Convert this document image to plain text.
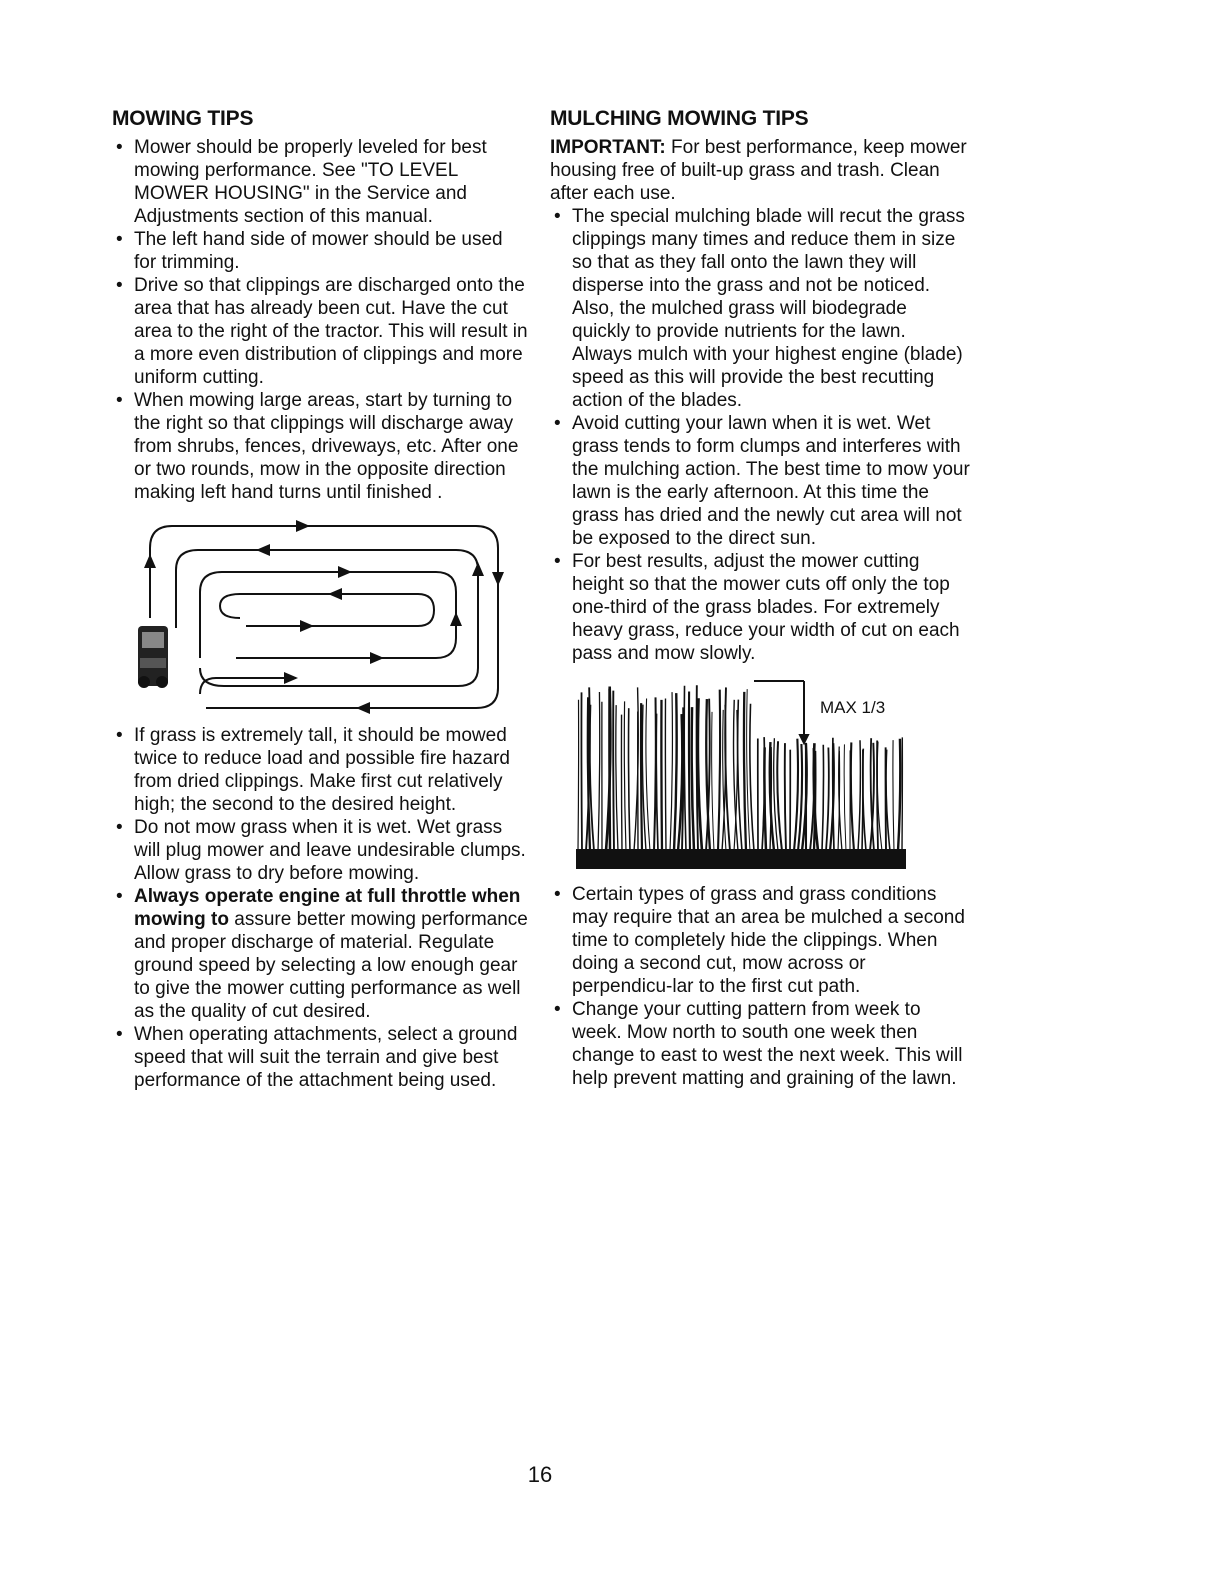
MOWING TIPS
• Mower should be properly leveled for best mowing performance. See "TO LEVEL MOWER HOUSING" in the Service and Adjustments section of this manual.
• The left hand side of mower should be used for trimming.
• Drive so that clippings are discharged onto the area that has already been cut. Have the cut area to the right of the tractor. This will result in a more even distribution of clippings and more uniform cutting.
• When mowing large areas, start by turning to the right so that clippings will discharge away from shrubs, fences, driveways, etc. After one or two rounds, mow in the opposite direction making left hand turns until finished .
• If grass is extremely tall, it should be mowed twice to reduce load and possible fire hazard from dried clippings. Make first cut relatively high; the second to the desired height.
• Do not mow grass when it is wet. Wet grass will plug mower and leave undesirable clumps. Allow grass to dry before mowing.
• Always operate engine at full throttle when mowing to assure better mowing performance and proper discharge of material. Regulate ground speed by selecting a low enough gear to give the mower cutting performance as well as the quality of cut desired.
• When operating attachments, select a ground speed that will suit the terrain and give best performance of the attachment being used.
MULCHING MOWING TIPS

IMPORTANT: For best performance, keep mower housing free of built-up grass and trash. Clean after each use.

• The special mulching blade will recut the grass clippings many times and reduce them in size so that as they fall onto the lawn they will disperse into the grass and not be noticed. Also, the mulched grass will biodegrade quickly to provide nutrients for the lawn. Always mulch with your highest engine (blade) speed as this will provide the best recutting action of the blades.
• Avoid cutting your lawn when it is wet. Wet grass tends to form clumps and interferes with the mulching action. The best time to mow your lawn is the early afternoon. At this time the grass has dried and the newly cut area will not be exposed to the direct sun.
• For best results, adjust the mower cutting height so that the mower cuts off only the top one-third of the grass blades. For extremely heavy grass, reduce your width of cut on each pass and mow slowly.
MAX 1/3
• Certain types of grass and grass conditions may require that an area be mulched a second time to completely hide the clippings. When doing a second cut, mow across or perpendicu-lar to the first cut path.
• Change your cutting pattern from week to week. Mow north to south one week then change to east to west the next week. This will help prevent matting and graining of the lawn.
16
